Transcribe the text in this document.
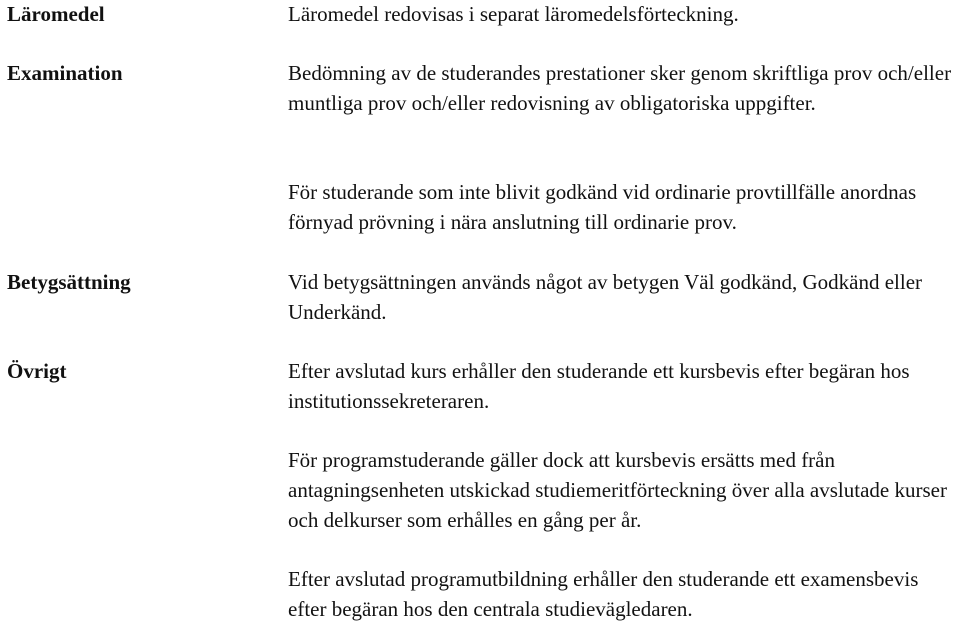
Läromedel	Läromedel redovisas i separat läromedelsförteckning.
Examination	Bedömning av de studerandes prestationer sker genom skriftliga prov och/eller muntliga prov och/eller redovisning av obligatoriska uppgifter.
För studerande som inte blivit godkänd vid ordinarie provtillfälle anordnas förnyad prövning i nära anslutning till ordinarie prov.
Betygsättning	Vid betygsättningen används något av betygen Väl godkänd, Godkänd eller Underkänd.
Övrigt	Efter avslutad kurs erhåller den studerande ett kursbevis efter begäran hos institutionssekreteraren.
För programstuderande gäller dock att kursbevis ersätts med från antagningsenheten utskickad studiemeritförteckning över alla avslutade kurser och delkurser som erhålles en gång per år.
Efter avslutad programutbildning erhåller den studerande ett examensbevis efter begäran hos den centrala studievägledaren.
